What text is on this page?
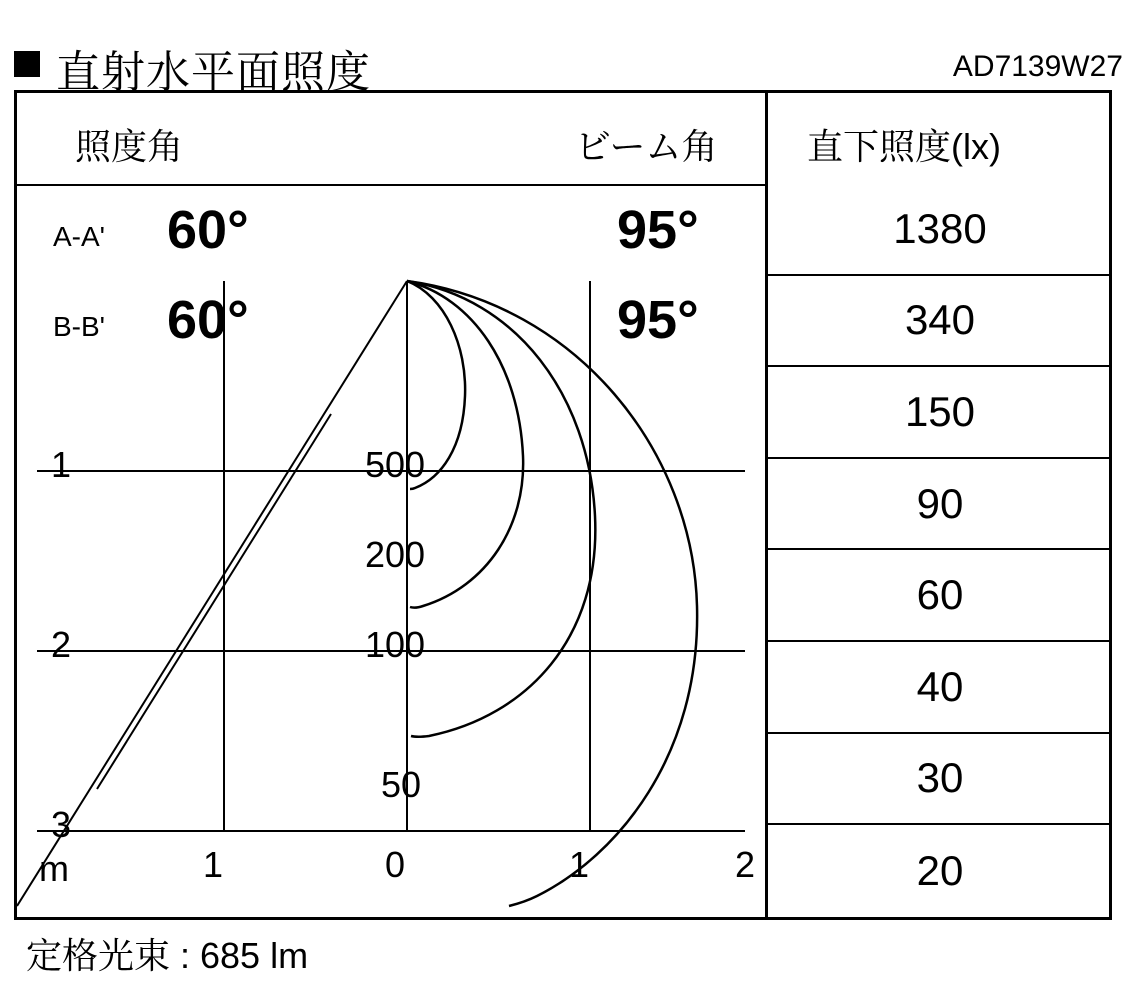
直射水平面照度	AD7139W27
照度角	ビーム角 直下照度(lx)
A-A' 60°	95°
B-B' 60°	95°
m	1	0	1	2
1
2
3
500
200
100
50
1380
340
150
90
60
40
30
20
定格光束 : 685 lm
